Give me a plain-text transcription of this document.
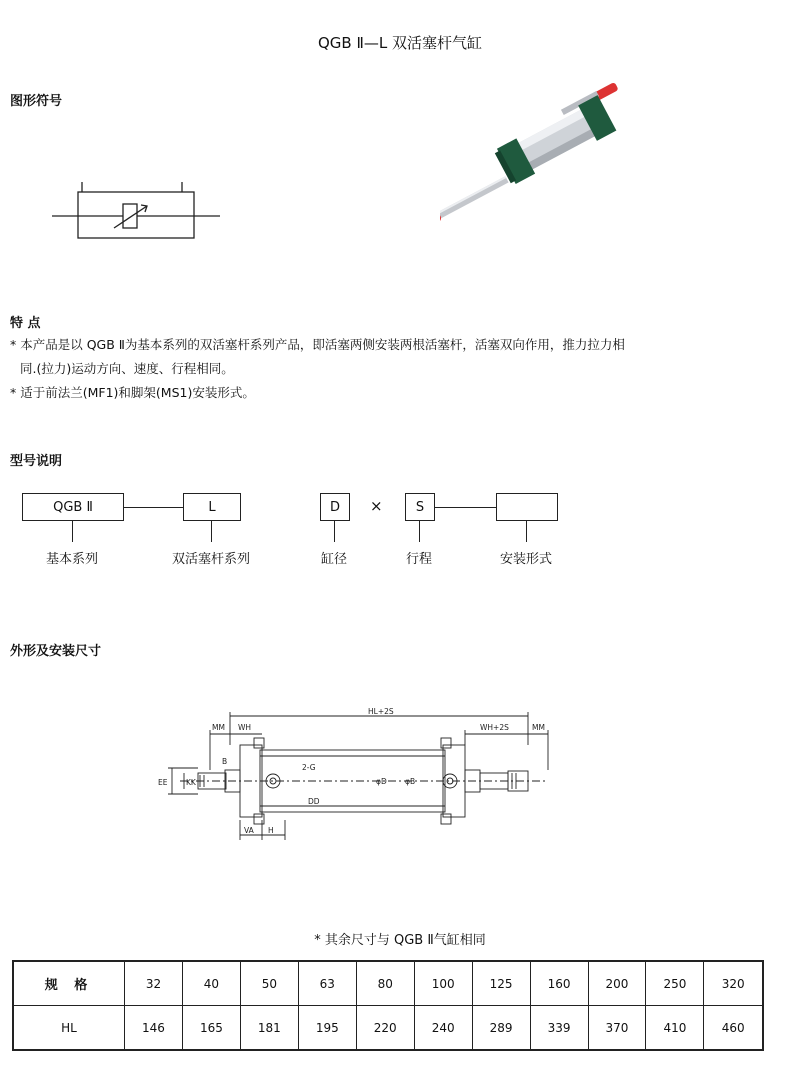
QGB Ⅱ—L 双活塞杆气缸
图形符号
特 点
* 本产品是以 QGB Ⅱ为基本系列的双活塞杆系列产品，即活塞两侧安装两根活塞杆，活塞双向作用，推力拉力相
同.(拉力)运动方向、速度、行程相同。
* 适于前法兰(MF1)和脚架(MS1)安装形式。
型号说明
QGB Ⅱ	L	D	×	S
基本系列	双活塞杆系列	缸径	行程	安装形式
外形及安装尺寸
HL+2S
MM WH	WH+2S	MM
VA H
EE KK
DD
B
φD φB
2-G
* 其余尺寸与 QGB Ⅱ气缸相同
规 格	32	40	50	63	80	100	125	160	200	250	320
HL	146	165	181	195	220	240	289	339	370	410	460
